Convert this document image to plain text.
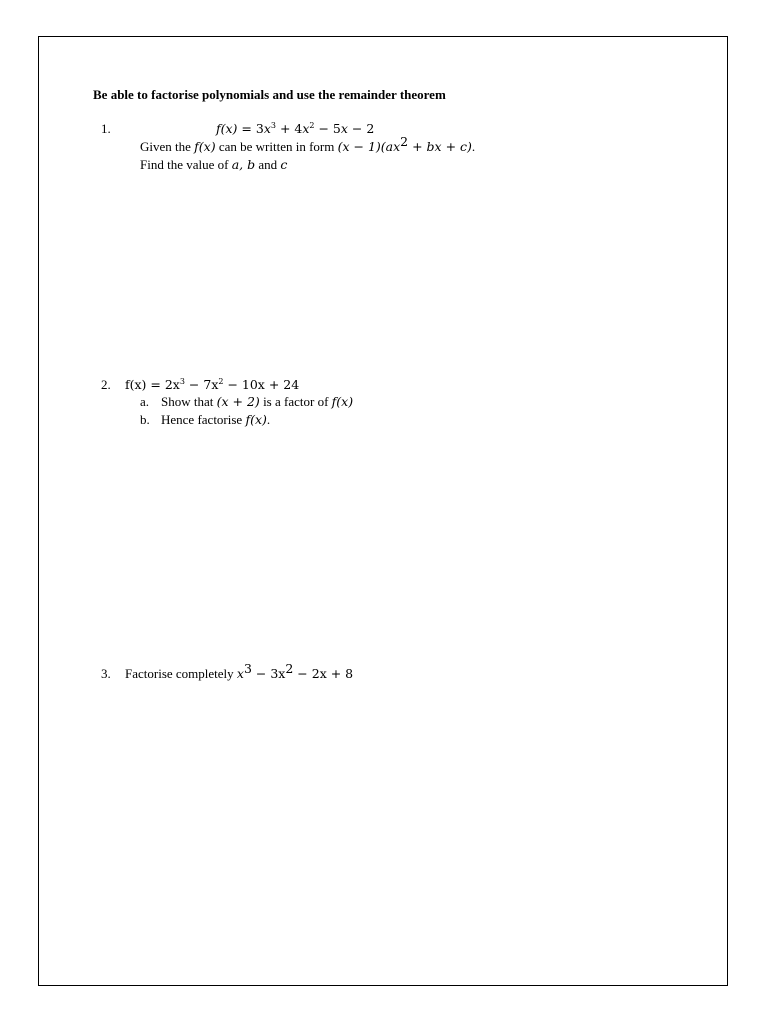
Be able to factorise polynomials and use the remainder theorem
1.	$f(x) = 3x^3 + 4x^2 - 5x - 2$
Given the f(x) can be written in form $(x - 1)(ax^2$ + bx + c).
Find the value of a, b and c
2. $f(x) = 2x^3 - 7x^2 - 10x + 24$
a. Show that (x + 2) is a factor of f(x)
b. Hence factorise f(x).
3. Factorise completely $x^3 - 3x^2 - 2x + 8$
